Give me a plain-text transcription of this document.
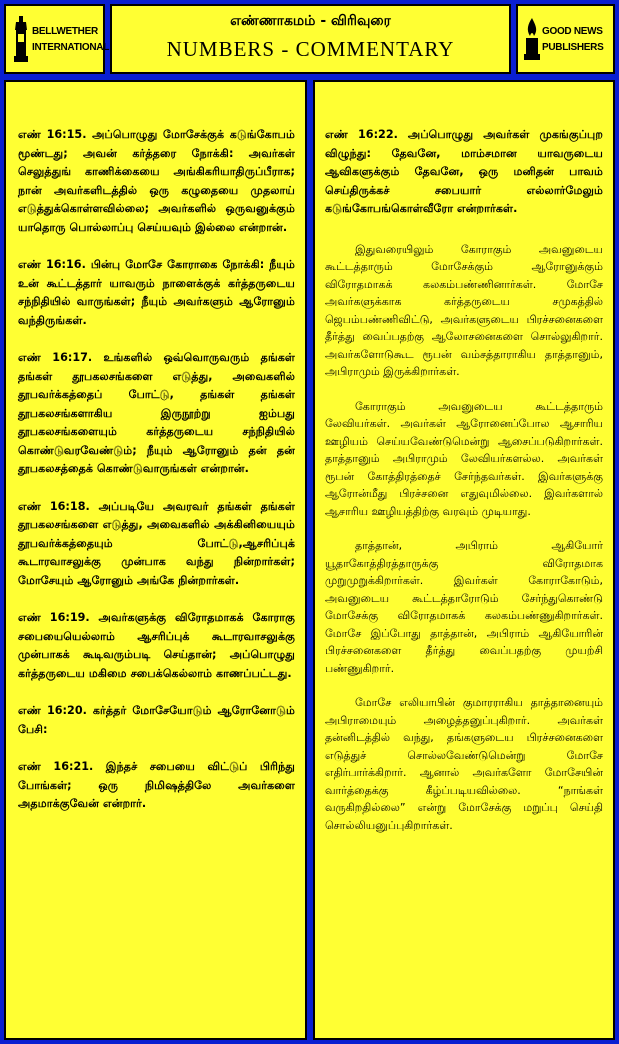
BELLWETHER
INTERNATIONAL
எண்ணாகமம் - விரிவுரை
NUMBERS - COMMENTARY
GOOD NEWS
PUBLISHERS

எண் 16:15. அப்பொழுது மோசேக்குக் கடுங்கோபம் மூண்டது; அவன் கர்த்தரை நோக்கி: அவர்கள் செலுத்துங் காணிக்கையை அங்கிகரியாதிருப்பீராக; நான் அவர்களிடத்தில் ஒரு கழுதையை முதலாய் எடுத்துக்கொள்ளவில்லை; அவர்களில் ஒருவனுக்கும் யாதொரு பொல்லாப்பு செய்யவும் இல்லை என்றான்.

எண் 16:16. பின்பு மோசே கோராகை நோக்கி: நீயும் உன் கூட்டத்தார் யாவரும் நாளைக்குக் கர்த்தருடைய சந்நிதியில் வாருங்கள்; நீயும் அவர்களும் ஆரோனும் வந்திருங்கள்.

எண் 16:17. உங்களில் ஒவ்வொருவரும் தங்கள் தங்கள் தூபகலசங்களை எடுத்து, அவைகளில் தூபவர்க்கத்தைப் போட்டு, தங்கள் தங்கள் தூபகலசங்களாகிய இருநூற்று ஐம்பது தூபகலசங்களையும் கர்த்தருடைய சந்நிதியில் கொண்டுவரவேண்டும்; நீயும் ஆரோனும் தன் தன் தூபகலசத்தைக் கொண்டுவாருங்கள் என்றான்.

எண் 16:18. அப்படியே அவரவர் தங்கள் தங்கள் தூபகலசங்களை எடுத்து, அவைகளில் அக்கினியையும் தூபவர்க்கத்தையும் போட்டு,ஆசரிப்புக் கூடாரவாசலுக்கு முன்பாக வந்து நின்றார்கள்; மோசேயும் ஆரோனும் அங்கே நின்றார்கள்.

எண் 16:19. அவர்களுக்கு விரோதமாகக் கோராகு சபையையெல்லாம் ஆசரிப்புக் கூடாரவாசலுக்கு முன்பாகக் கூடிவரும்படி செய்தான்; அப்பொழுது கர்த்தருடைய மகிமை சபைக்கெல்லாம் காணப்பட்டது.

எண் 16:20. கர்த்தர் மோசேயோடும் ஆரோனோடும் பேசி:

எண் 16:21. இந்தச் சபையை விட்டுப் பிரிந்து போங்கள்; ஒரு நிமிஷத்திலே அவர்களை அதமாக்குவேன் என்றார்.

எண் 16:22. அப்பொழுது அவர்கள் முகங்குப்புற விழுந்து: தேவனே, மாம்சமான யாவருடைய ஆவிகளுக்கும் தேவனே, ஒரு மனிதன் பாவம் செய்திருக்கச் சபையார் எல்லார்மேலும் கடுங்கோபங்கொள்வீரோ என்றார்கள்.

இதுவரையிலும் கோராகும் அவனுடைய கூட்டத்தாரும் மோசேக்கும் ஆரோனுக்கும் விரோதமாகக் கலகம்பண்ணினார்கள். மோசே அவர்களுக்காக கர்த்தருடைய சமுகத்தில் ஜெபம்பண்ணிவிட்டு, அவர்களுடைய பிரச்சனைகளை தீர்த்து வைப்பதற்கு ஆலோசனைகளை சொல்லுகிறார். அவர்களோடுகூட ரூபன் வம்சத்தாராகிய தாத்தானும், அபிராமும் இருக்கிறார்கள்.

கோராகும் அவனுடைய கூட்டத்தாரும் லேவியர்கள். அவர்கள் ஆரோனைப்போல ஆசாரிய ஊழியம் செய்யவேண்டுமென்று ஆசைப்படுகிறார்கள். தாத்தானும் அபிராமும் லேவியர்களல்ல. அவர்கள் ரூபன் கோத்திரத்தைச் சேர்ந்தவர்கள். இவர்களுக்கு ஆரோன்மீது பிரச்சனை எதுவுமில்லை. இவர்களால் ஆசாரிய ஊழியத்திற்கு வரவும் முடியாது.

தாத்தான், அபிராம் ஆகியோர் யூதாகோத்திரத்தாருக்கு விரோதமாக முறுமுறுக்கிறார்கள். இவர்கள் கோராகோடும், அவனுடைய கூட்டத்தாரோடும் சேர்ந்துகொண்டு மோசேக்கு விரோதமாகக் கலகம்பண்ணுகிறார்கள். மோசே இப்போது தாத்தான், அபிராம் ஆகியோரின் பிரச்சனைகளை தீர்த்து வைப்பதற்கு முயற்சி பண்ணுகிறார்.

மோசே எலியாபின் குமாரராகிய தாத்தானையும் அபிராமையும் அழைத்தனுப்புகிறார். அவர்கள் தன்னிடத்தில் வந்து, தங்களுடைய பிரச்சனைகளை எடுத்துச் சொல்லவேண்டுமென்று மோசே எதிர்பார்க்கிறார். ஆனால் அவர்களோ மோசேயின் வார்த்தைக்கு கீழ்ப்படியவில்லை. “நாங்கள் வருகிறதில்லை” என்று மோசேக்கு மறுப்பு செய்தி சொல்லியனுப்புகிறார்கள்.
